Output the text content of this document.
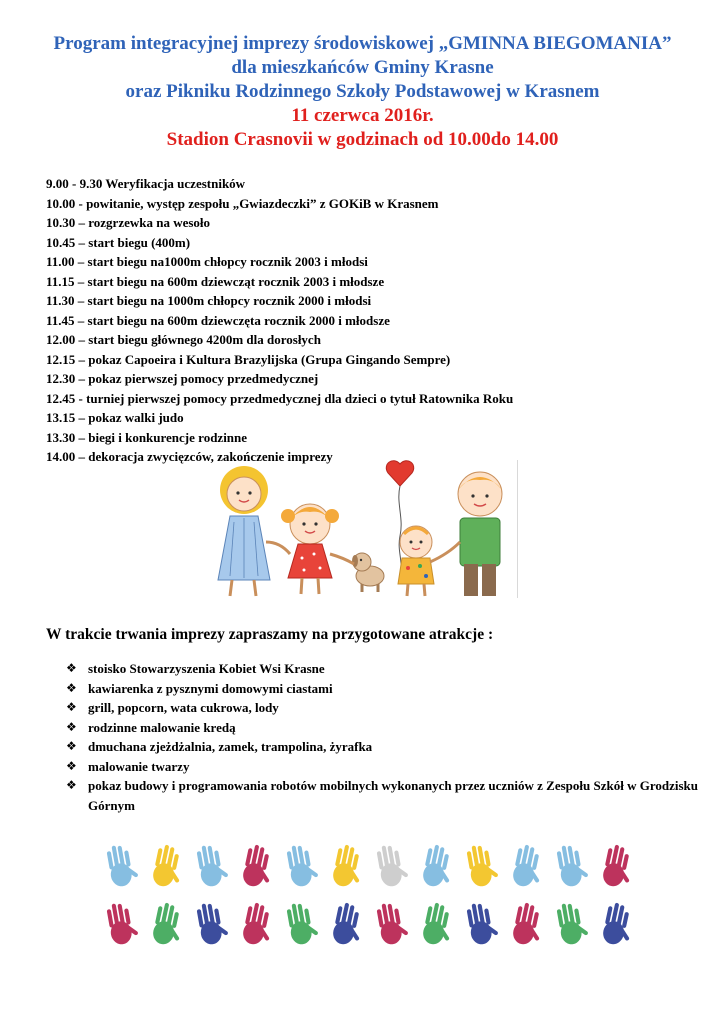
Program integracyjnej imprezy środowiskowej „GMINNA BIEGOMANIA”
dla mieszkańców Gminy Krasne
oraz Pikniku Rodzinnego Szkoły Podstawowej w Krasnem
11 czerwca 2016r.
Stadion Crasnovii w godzinach od 10.00do 14.00
9.00 - 9.30 Weryfikacja uczestników
10.00 - powitanie, występ zespołu „Gwiazdeczki” z GOKiB w Krasnem
10.30 – rozgrzewka na wesoło
10.45 – start biegu (400m)
11.00 – start biegu na1000m chłopcy rocznik 2003 i młodsi
11.15 – start biegu na 600m dziewcząt rocznik 2003 i młodsze
11.30 – start biegu na 1000m chłopcy rocznik 2000 i młodsi
11.45 – start biegu na 600m dziewczęta rocznik 2000 i młodsze
12.00 – start biegu głównego 4200m dla dorosłych
12.15 – pokaz Capoeira i Kultura Brazylijska (Grupa Gingando Sempre)
12.30 – pokaz pierwszej pomocy przedmedycznej
12.45 - turniej pierwszej pomocy przedmedycznej dla dzieci o tytuł Ratownika Roku
13.15 – pokaz walki judo
13.30 – biegi i konkurencje rodzinne
14.00 – dekoracja zwycięzców, zakończenie imprezy
W trakcie trwania imprezy zapraszamy na przygotowane atrakcje :
❖ stoisko Stowarzyszenia Kobiet Wsi Krasne
❖ kawiarenka z pysznymi domowymi ciastami
❖ grill, popcorn, wata cukrowa, lody
❖ rodzinne malowanie kredą
❖ dmuchana zjeżdżalnia, zamek, trampolina, żyrafka
❖ malowanie twarzy
❖ pokaz budowy i programowania robotów mobilnych wykonanych przez uczniów z Zespołu Szkół w Grodzisku Górnym
